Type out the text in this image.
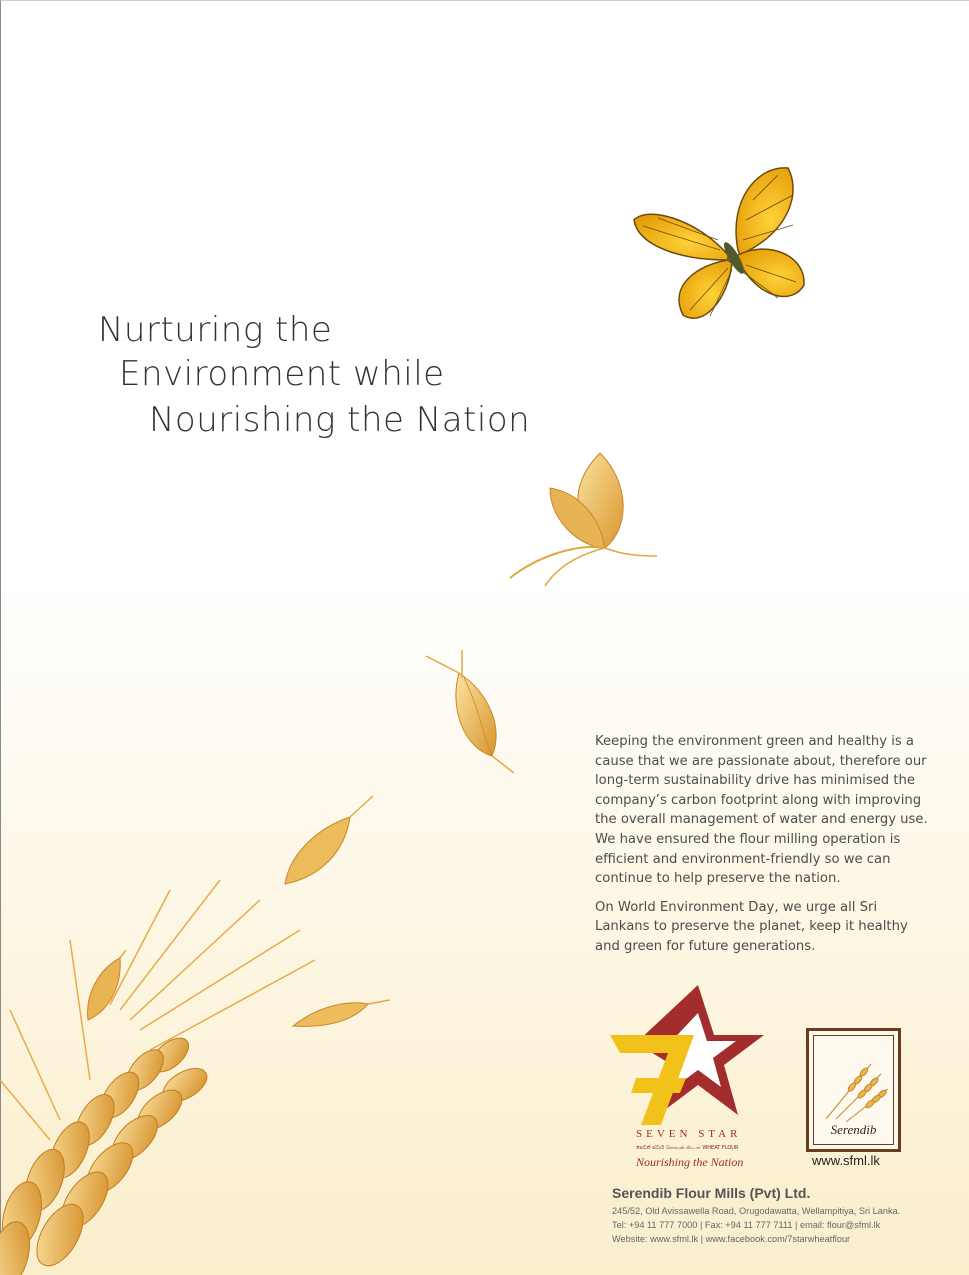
Nurturing the
Environment while
Nourishing the Nation

Keeping the environment green and healthy is a cause that we are passionate about, therefore our long-term sustainability drive has minimised the company’s carbon footprint along with improving the overall management of water and energy use. We have ensured the flour milling operation is efficient and environment-friendly so we can continue to help preserve the nation.

On World Environment Day, we urge all Sri Lankans to preserve the planet, keep it healthy and green for future generations.

SEVEN STAR
සෙවන් ස්ටාර් ஸெவன் ஸ்டார் WHEAT FLOUR
Nourishing the Nation
Serendib
www.sfml.lk
Serendib Flour Mills (Pvt) Ltd.
245/52, Old Avissawella Road, Orugodawatta, Wellampitiya, Sri Lanka.
Tel: +94 11 777 7000 | Fax: +94 11 777 7111 | email: flour@sfml.lk
Website: www.sfml.lk | www.facebook.com/7starwheatflour
